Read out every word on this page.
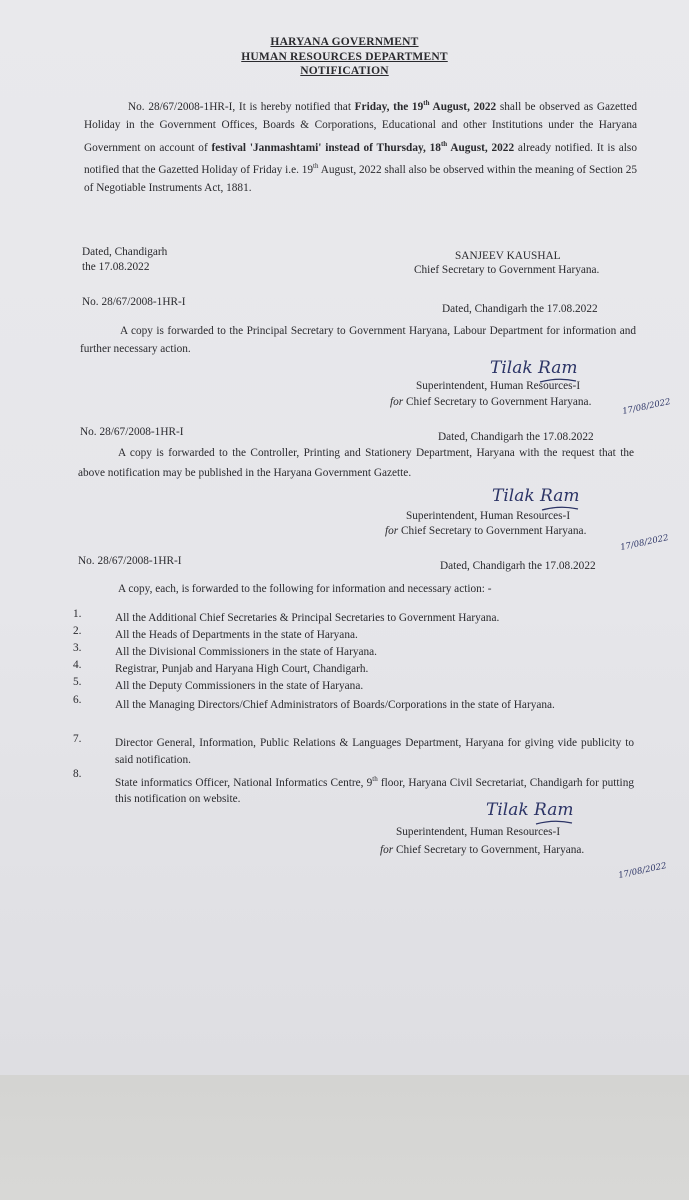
HARYANA GOVERNMENT
HUMAN RESOURCES DEPARTMENT
NOTIFICATION
No. 28/67/2008-1HR-I, It is hereby notified that Friday, the 19th August, 2022 shall be observed as Gazetted Holiday in the Government Offices, Boards & Corporations, Educational and other Institutions under the Haryana Government on account of festival 'Janmashtami' instead of Thursday, 18th August, 2022 already notified. It is also notified that the Gazetted Holiday of Friday i.e. 19th August, 2022 shall also be observed within the meaning of Section 25 of Negotiable Instruments Act, 1881.
Dated, Chandigarh
the 17.08.2022
SANJEEV KAUSHAL
Chief Secretary to Government Haryana.
No. 28/67/2008-1HR-I
Dated, Chandigarh the 17.08.2022
A copy is forwarded to the Principal Secretary to Government Haryana, Labour Department for information and further necessary action.
Tilak Ram
Superintendent, Human Resources-I
for Chief Secretary to Government Haryana.	17/08/2022
No. 28/67/2008-1HR-I	Dated, Chandigarh the 17.08.2022
A copy is forwarded to the Controller, Printing and Stationery Department, Haryana with the request that the above notification may be published in the Haryana Government Gazette.
Tilak Ram
Superintendent, Human Resources-I
for Chief Secretary to Government Haryana.
17/08/2022
No. 28/67/2008-1HR-I	Dated, Chandigarh the 17.08.2022
A copy, each, is forwarded to the following for information and necessary action: -
1.	All the Additional Chief Secretaries & Principal Secretaries to Government Haryana.
2.	All the Heads of Departments in the state of Haryana.
3.	All the Divisional Commissioners in the state of Haryana.
4.	Registrar, Punjab and Haryana High Court, Chandigarh.
5.	All the Deputy Commissioners in the state of Haryana.
6.	All the Managing Directors/Chief Administrators of Boards/Corporations in the state of Haryana.
7.	Director General, Information, Public Relations & Languages Department, Haryana for giving vide publicity to said notification.
8.
State informatics Officer, National Informatics Centre, 9th floor, Haryana Civil Secretariat, Chandigarh for putting this notification on website.
Tilak Ram
Superintendent, Human Resources-I
for Chief Secretary to Government, Haryana.
17/08/2022
